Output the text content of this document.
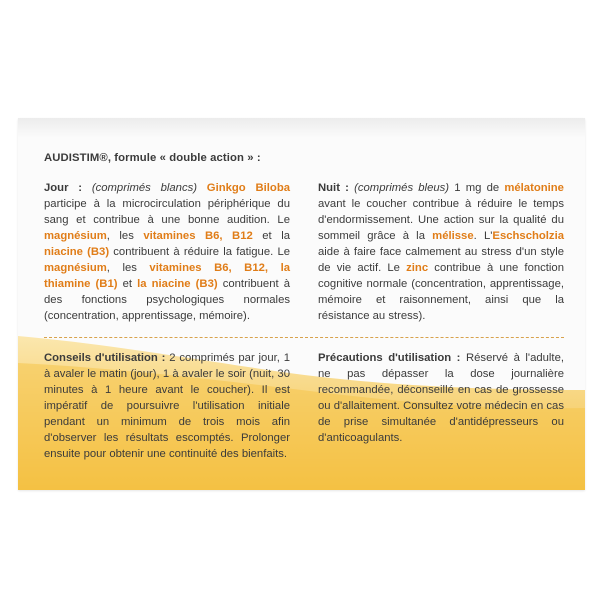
AUDISTIM®, formule « double action » :

Jour : (comprimés blancs) Ginkgo Biloba participe à la microcirculation périphérique du sang et contribue à une bonne audition. Le magnésium, les vitamines B6, B12 et la niacine (B3) contribuent à réduire la fatigue. Le magnésium, les vitamines B6, B12, la thiamine (B1) et la niacine (B3) contribuent à des fonctions psychologiques normales (concentration, apprentissage, mémoire).

Nuit : (comprimés bleus) 1 mg de mélatonine avant le coucher contribue à réduire le temps d'endormissement. Une action sur la qualité du sommeil grâce à la mélisse. L'Eschscholzia aide à faire face calmement au stress d'un style de vie actif. Le zinc contribue à une fonction cognitive normale (concentration, apprentissage, mémoire et raisonnement, ainsi que la résistance au stress).

Conseils d'utilisation : 2 comprimés par jour, 1 à avaler le matin (jour), 1 à avaler le soir (nuit, 30 minutes à 1 heure avant le coucher). Il est impératif de poursuivre l'utilisation initiale pendant un minimum de trois mois afin d'observer les résultats escomptés. Prolonger ensuite pour obtenir une continuité des bienfaits.

Précautions d'utilisation : Réservé à l'adulte, ne pas dépasser la dose journalière recommandée, déconseillé en cas de grossesse ou d'allaitement. Consultez votre médecin en cas de prise simultanée d'antidépresseurs ou d'anticoagulants.
